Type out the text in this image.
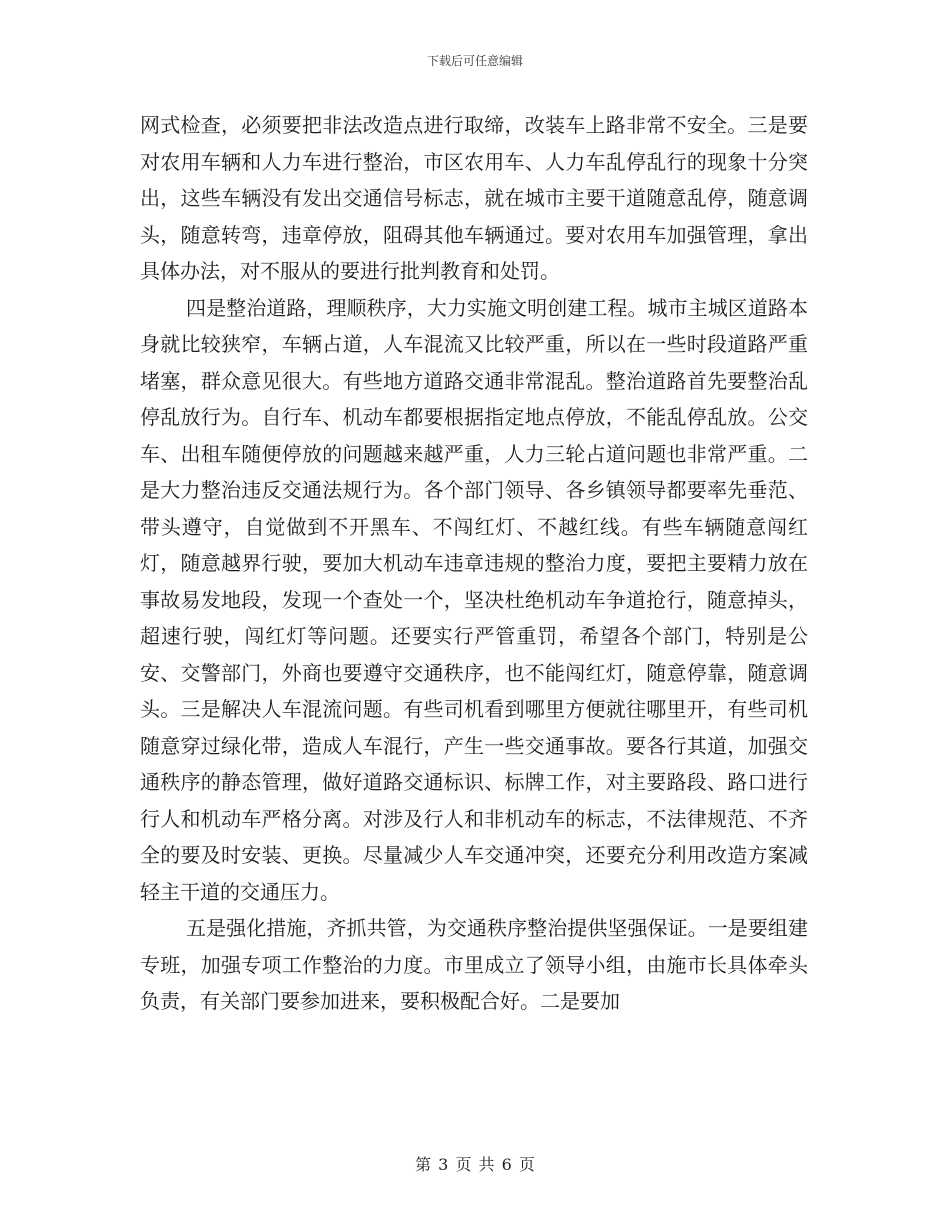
下载后可任意编辑

网式检查，必须要把非法改造点进行取缔，改装车上路非常不安全。三是要对农用车辆和人力车进行整治，市区农用车、人力车乱停乱行的现象十分突出，这些车辆没有发出交通信号标志，就在城市主要干道随意乱停，随意调头，随意转弯，违章停放，阻碍其他车辆通过。要对农用车加强管理，拿出具体办法，对不服从的要进行批判教育和处罚。

四是整治道路，理顺秩序，大力实施文明创建工程。城市主城区道路本身就比较狭窄，车辆占道，人车混流又比较严重，所以在一些时段道路严重堵塞，群众意见很大。有些地方道路交通非常混乱。整治道路首先要整治乱停乱放行为。自行车、机动车都要根据指定地点停放，不能乱停乱放。公交车、出租车随便停放的问题越来越严重，人力三轮占道问题也非常严重。二是大力整治违反交通法规行为。各个部门领导、各乡镇领导都要率先垂范、带头遵守，自觉做到不开黑车、不闯红灯、不越红线。有些车辆随意闯红灯，随意越界行驶，要加大机动车违章违规的整治力度，要把主要精力放在事故易发地段，发现一个查处一个，坚决杜绝机动车争道抢行，随意掉头，超速行驶，闯红灯等问题。还要实行严管重罚，希望各个部门，特别是公安、交警部门，外商也要遵守交通秩序，也不能闯红灯，随意停靠，随意调头。三是解决人车混流问题。有些司机看到哪里方便就往哪里开，有些司机随意穿过绿化带，造成人车混行，产生一些交通事故。要各行其道，加强交通秩序的静态管理，做好道路交通标识、标牌工作，对主要路段、路口进行行人和机动车严格分离。对涉及行人和非机动车的标志，不法律规范、不齐全的要及时安装、更换。尽量减少人车交通冲突，还要充分利用改造方案减轻主干道的交通压力。

五是强化措施，齐抓共管，为交通秩序整治提供坚强保证。一是要组建专班，加强专项工作整治的力度。市里成立了领导小组，由施市长具体牵头负责，有关部门要参加进来，要积极配合好。二是要加

第 3 页 共 6 页
